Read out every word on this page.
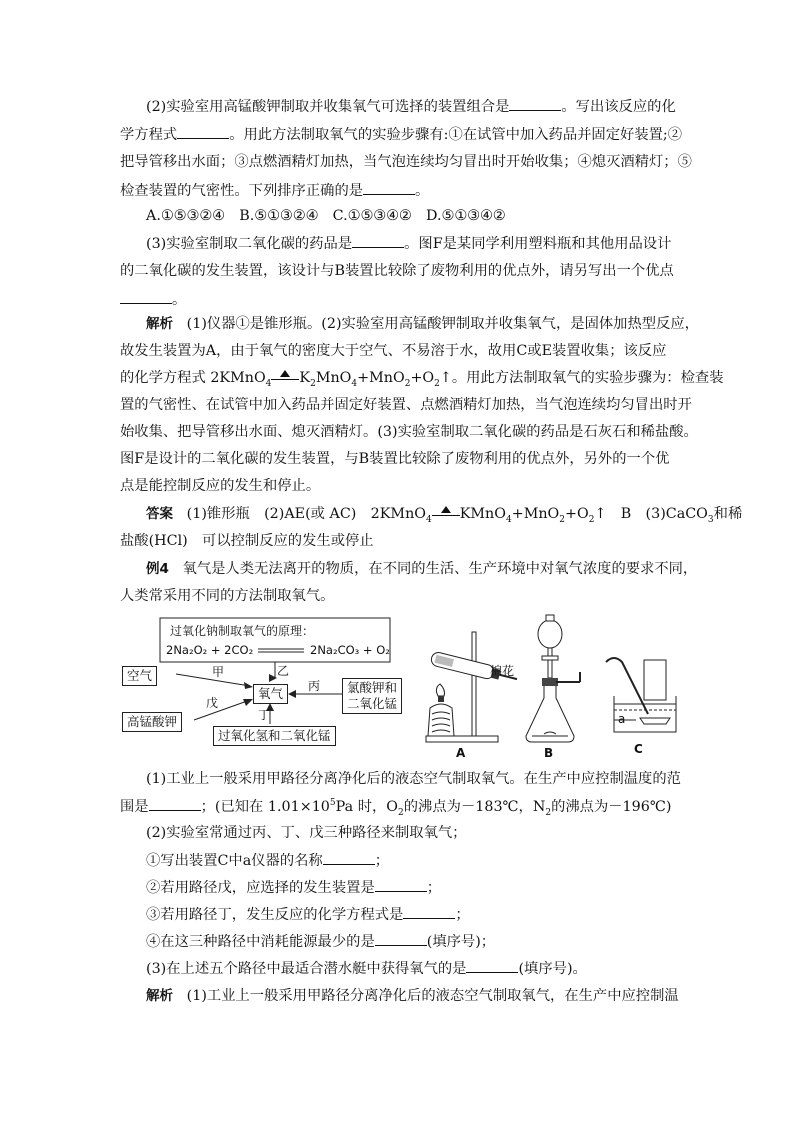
(2)实验室用高锰酸钾制取并收集氧气可选择的装置组合是	。写出该反应的化
学方程式	。用此方法制取氧气的实验步骤有:①在试管中加入药品并固定好装置;②
把导管移出水面；③点燃酒精灯加热，当气泡连续均匀冒出时开始收集；④熄灭酒精灯；⑤
检查装置的气密性。下列排序正确的是	。
A.①⑤③②④　B.⑤①③②④　C.①⑤③④②　D.⑤①③④②
(3)实验室制取二氧化碳的药品是	。图F是某同学利用塑料瓶和其他用品设计
的二氧化碳的发生装置，该设计与B装置比较除了废物利用的优点外，请另写出一个优点
。
解析 (1)仪器①是锥形瓶。(2)实验室用高锰酸钾制取并收集氧气，是固体加热型反应，
故发生装置为A，由于氧气的密度大于空气、不易溶于水，故用C或E装置收集；该反应
的化学方程式 2KMnO$_4$ $K_2MnO_4+MnO_2+O_2↑$。用此方法制取氧气的实验步骤为：检查装
置的气密性、在试管中加入药品并固定好装置、点燃酒精灯加热，当气泡连续均匀冒出时开
始收集、把导管移出水面、熄灭酒精灯。(3)实验室制取二氧化碳的药品是石灰石和稀盐酸。
图F是设计的二氧化碳的发生装置，与B装置比较除了废物利用的优点外，另外的一个优
点是能控制反应的发生和停止。
答案 (1)锥形瓶　(2)AE(或 AC)　2KMnO$_4$ $KMnO_4+MnO_2+O_2↑$　B　(3)CaCO$_3$和稀
盐酸(HCl)　可以控制反应的发生或停止
例4 氧气是人类无法离开的物质，在不同的生活、生产环境中对氧气浓度的要求不同，
人类常采用不同的方法制取氧气。
过氧化钠制取氧气的原理：
2Na₂O₂ + 2CO₂	2Na₂CO₃ + O₂
空气
高锰酸钾
氧气	氯酸钾和
二氧化锰
过氧化氢和二氧化锰
甲	乙
丙
戊
丁
棉花
A	B
a
C
(1)工业上一般采用甲路径分离净化后的液态空气制取氧气。在生产中应控制温度的范
围是	；(已知在 $1.01\times 10^5Pa$ 时，$O_2$的沸点为－183℃，$N_2$的沸点为－196℃)
(2)实验室常通过丙、丁、戊三种路径来制取氧气；
①写出装置C中a仪器的名称	；
②若用路径戊，应选择的发生装置是	；
③若用路径丁，发生反应的化学方程式是	；
④在这三种路径中消耗能源最少的是	(填序号)；
(3)在上述五个路径中最适合潜水艇中获得氧气的是	(填序号)。
解析 (1)工业上一般采用甲路径分离净化后的液态空气制取氧气，在生产中应控制温
